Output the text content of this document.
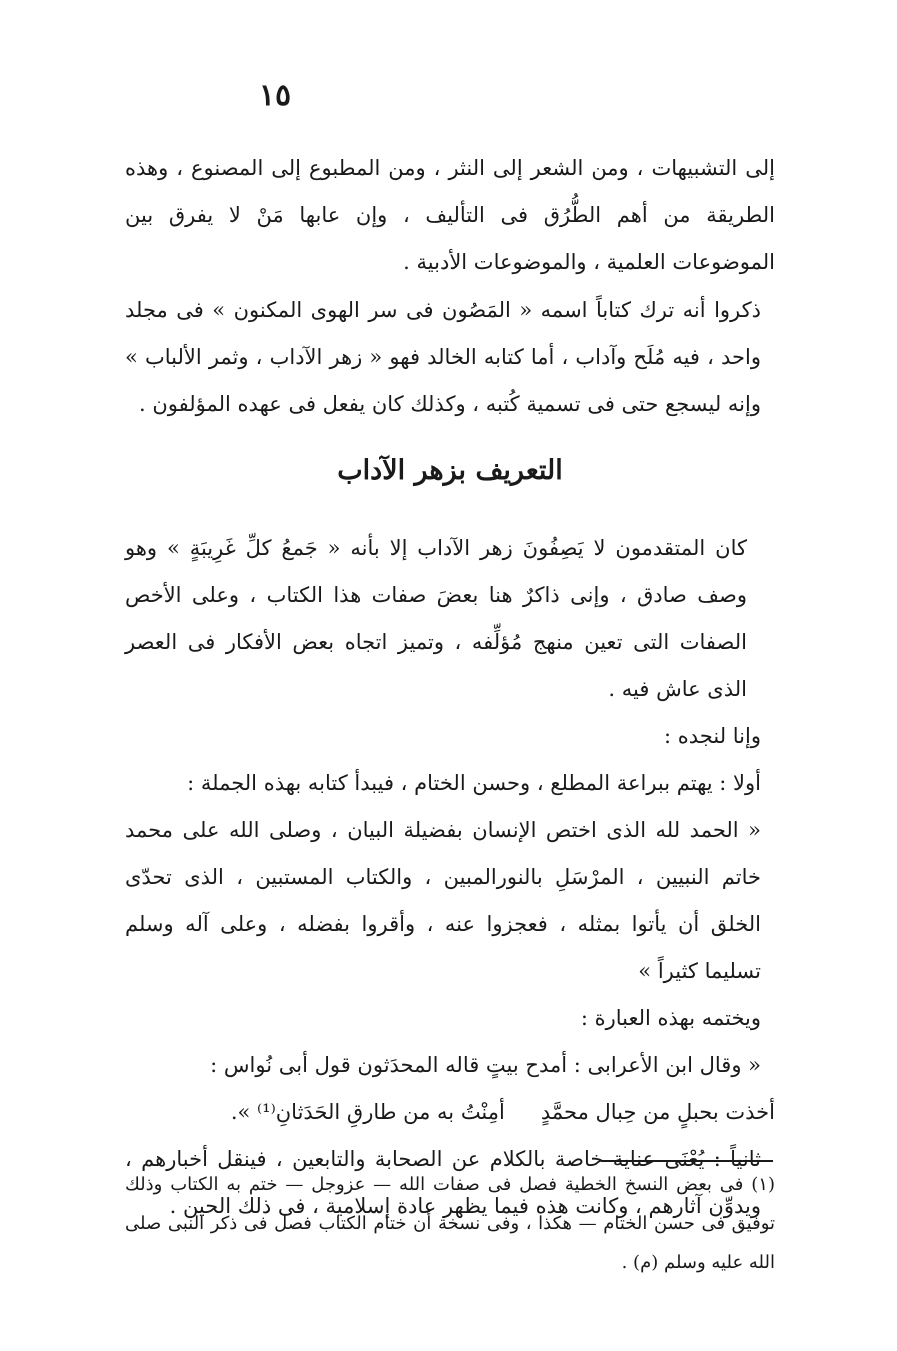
١٥

إلى التشبيهات ، ومن الشعر إلى النثر ، ومن المطبوع إلى المصنوع ، وهذه الطريقة من أهم الطُّرُق فى التأليف ، وإن عابها مَنْ لا يفرق بين الموضوعات العلمية ، والموضوعات الأدبية .

ذكروا أنه ترك كتاباً اسمه « المَصُون فى سر الهوى المكنون » فى مجلد واحد ، فيه مُلَح وآداب ، أما كتابه الخالد فهو « زهر الآداب ، وثمر الألباب » وإنه ليسجع حتى فى تسمية كُتبه ، وكذلك كان يفعل فى عهده المؤلفون .

التعريف بزهر الآداب

كان المتقدمون لا يَصِفُونَ زهر الآداب إلا بأنه « جَمعُ كلِّ غَرِيبَةٍ » وهو وصف صادق ، وإنى ذاكرٌ هنا بعضَ صفات هذا الكتاب ، وعلى الأخص الصفات التى تعين منهج مُؤلِّفه ، وتميز اتجاه بعض الأفكار فى العصر الذى عاش فيه .

وإنا لنجده :

أولا : يهتم ببراعة المطلع ، وحسن الختام ، فيبدأ كتابه بهذه الجملة :

« الحمد لله الذى اختص الإنسان بفضيلة البيان ، وصلى الله على محمد خاتم النبيين ، المرْسَلِ بالنورالمبين ، والكتاب المستبين ، الذى تحدّى الخلق أن يأتوا بمثله ، فعجزوا عنه ، وأقروا بفضله ، وعلى آله وسلم تسليما كثيراً »

ويختمه بهذه العبارة :

« وقال ابن الأعرابى : أمدح بيتٍ قاله المحدَثون قول أبى نُواس :

أخذت بحبلٍ من حِبال محمَّدٍ
أمِنْتُ به من طارقِ الحَدَثانِ⁽¹⁾ ».

ثانياً : يُعْنَى عناية خاصة بالكلام عن الصحابة والتابعين ، فينقل أخبارهم ، ويدوِّن آثارهم ، وكانت هذه فيما يظهر عادة إسلامية ، فى ذلك الحين .

(١) فى بعض النسخ الخطية فصل فى صفات الله — عزوجل — ختم به الكتاب وذلك توفيق فى حسن الختام — هكذا ، وفى نسخة أن ختام الكتاب فصل فى ذكر النبى صلى الله عليه وسلم (م) .
